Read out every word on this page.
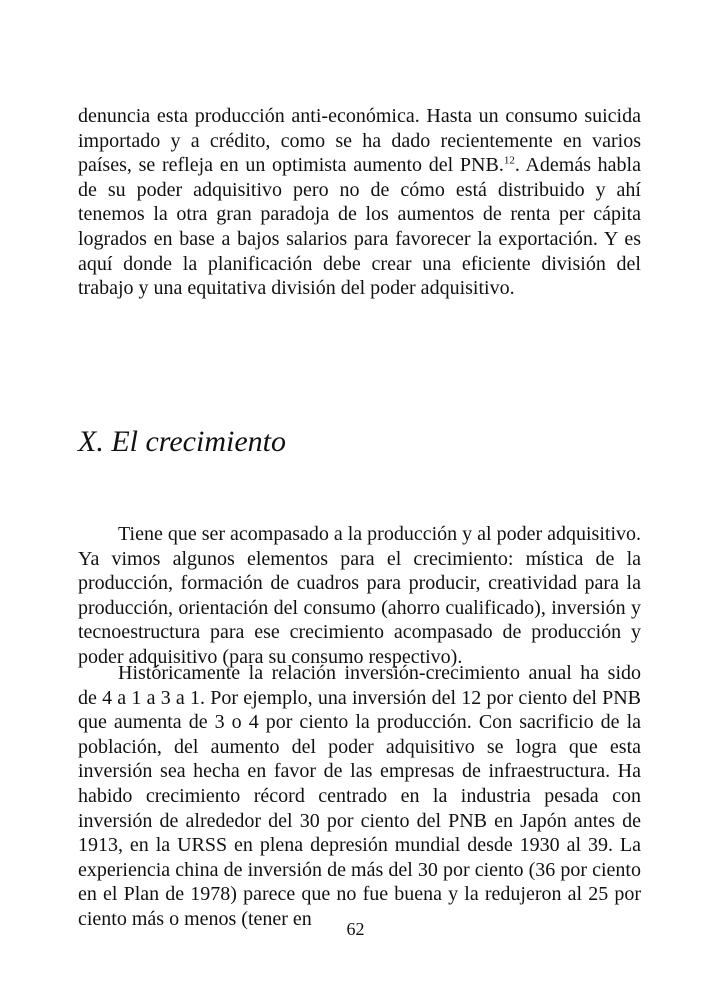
denuncia esta producción anti-económica. Hasta un consumo suicida importado y a crédito, como se ha dado recientemente en varios países, se refleja en un optimista aumento del PNB.$^{12}$. Además habla de su poder adquisitivo pero no de cómo está distribuido y ahí tenemos la otra gran paradoja de los aumentos de renta per cápita logrados en base a bajos salarios para favorecer la exportación. Y es aquí donde la planificación debe crear una eficiente división del trabajo y una equitativa división del poder adquisitivo.

X. El crecimiento

Tiene que ser acompasado a la producción y al poder adquisitivo. Ya vimos algunos elementos para el crecimiento: mística de la producción, formación de cuadros para producir, creatividad para la producción, orientación del consumo (ahorro cualificado), inversión y tecnoestructura para ese crecimiento acompasado de producción y poder adquisitivo (para su consumo respectivo).

Históricamente la relación inversión-crecimiento anual ha sido de 4 a 1 a 3 a 1. Por ejemplo, una inversión del 12 por ciento del PNB que aumenta de 3 o 4 por ciento la producción. Con sacrificio de la población, del aumento del poder adquisitivo se logra que esta inversión sea hecha en favor de las empresas de infraestructura. Ha habido crecimiento récord centrado en la industria pesada con inversión de alrededor del 30 por ciento del PNB en Japón antes de 1913, en la URSS en plena depresión mundial desde 1930 al 39. La experiencia china de inversión de más del 30 por ciento (36 por ciento en el Plan de 1978) parece que no fue buena y la redujeron al 25 por ciento más o menos (tener en	62
